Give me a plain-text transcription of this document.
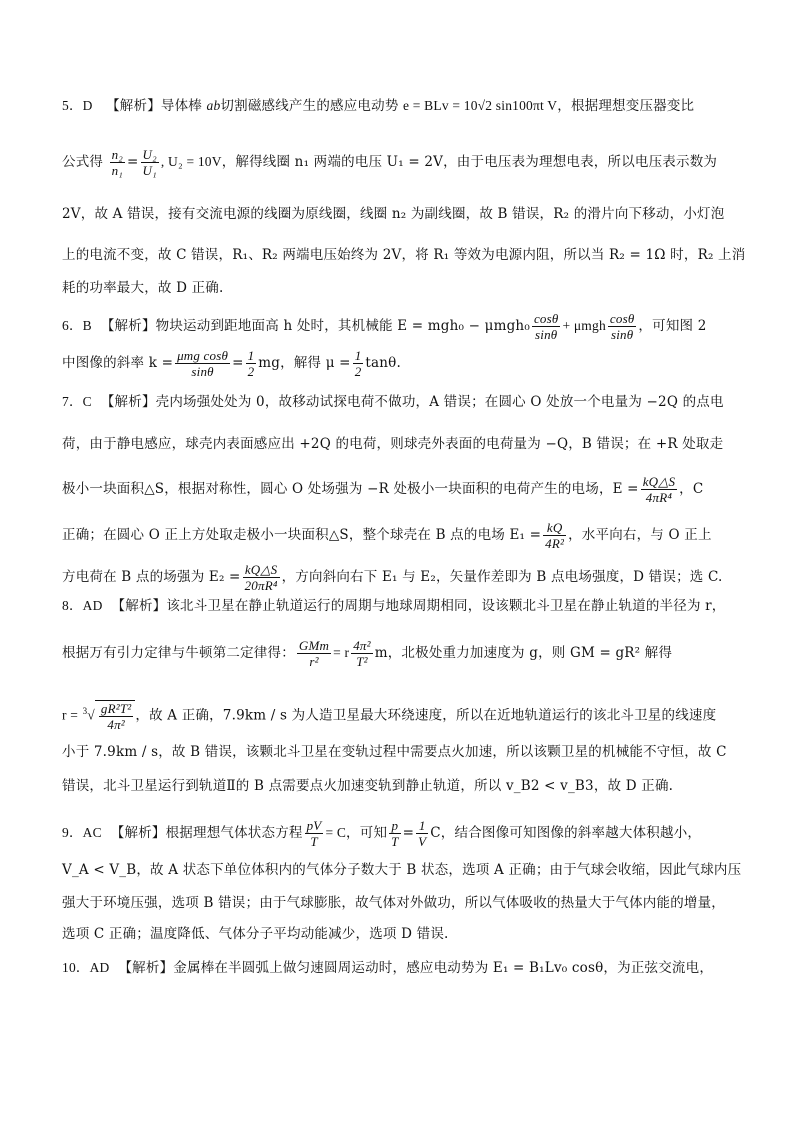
5．D 【解析】导体棒 ab切割磁感线产生的感应电动势 e = BLv = 10√2 sin100πt V，根据理想变压器变比
公式得 $\frac{\text{n₂}}{\text{n₁}} = \frac{\text{U₂}}{\text{U₁}}$ , U₂ = 10V，解得线圈 n₁ 两端的电压 U₁ = 2V，由于电压表为理想电表，所以电压表示数为
2V，故 A 错误，接有交流电源的线圈为原线圈，线圈 n₂ 为副线圈，故 B 错误，R₂ 的滑片向下移动，小灯泡
上的电流不变，故 C 错误，R₁、R₂ 两端电压始终为 2V，将 R₁ 等效为电源内阻，所以当 R₂ = 1Ω 时，R₂ 上消
耗的功率最大，故 D 正确.
6．B 【解析】物块运动到距地面高 h 处时，其机械能 $E = mgh_0 - \mu mgh_0 \frac{\cos\theta}{\sin\theta} + \mu mgh \frac{\cos\theta}{\sin\theta}$ ，可知图 2
中图像的斜率 $k = \frac{\text{μmg cosθ}}{\sin\theta} = \frac{1}{2}$ mg，解得 $\mu = \frac{1}{2} \tan\theta$.
7．C 【解析】壳内场强处处为 0，故移动试探电荷不做功，A 错误；在圆心 O 处放一个电量为 −2Q 的点电
荷，由于静电感应，球壳内表面感应出 +2Q 的电荷，则球壳外表面的电荷量为 −Q，B 错误；在 +R 处取走
极小一块面积△S，根据对称性，圆心 O 处场强为 −R 处极小一块面积的电荷产生的电场，$E = \frac{kQ\triangle S}{\text{4πR⁴}}$ ，C
正确；在圆心 O 正上方处取走极小一块面积△S，整个球壳在 B 点的电场 $E_1 = \frac{kQ}{\text{4R²}}$ ，水平向右，与 O 正上
方电荷在 B 点的场强为 $E_2 = \frac{kQ\triangle S}{\text{20πR⁴}}$ ，方向斜向右下 E₁ 与 E₂，矢量作差即为 B 点电场强度，D 错误；选 C.
8．AD 【解析】该北斗卫星在静止轨道运行的周期与地球周期相同，设该颗北斗卫星在静止轨道的半径为 r，
根据万有引力定律与牛顿第二定律得： $\frac{\text{GMm}}{\text{r²}} = r \frac{\text{4π²}}{\text{T²}}$ m，北极处重力加速度为 g，则 GM = gR² 解得
$r = ^3√ \frac{\text{gR²T²}}{\text{4π²}}$ ，故 A 正确，7.9km / s 为人造卫星最大环绕速度，所以在近地轨道运行的该北斗卫星的线速度
小于 7.9km / s，故 B 错误，该颗北斗卫星在变轨过程中需要点火加速，所以该颗卫星的机械能不守恒，故 C
错误，北斗卫星运行到轨道Ⅱ的 B 点需要点火加速变轨到静止轨道，所以 v_B2 < v_B3，故 D 正确.
9．AC 【解析】根据理想气体状态方程 $\frac{pV}{T} = C$，可知 $\frac{p}{T} = \frac{1}{V}$ C，结合图像可知图像的斜率越大体积越小，
V_A < V_B，故 A 状态下单位体积内的气体分子数大于 B 状态，选项 A 正确；由于气球会收缩，因此气球内压
强大于环境压强，选项 B 错误；由于气球膨胀，故气体对外做功，所以气体吸收的热量大于气体内能的增量，
选项 C 正确；温度降低、气体分子平均动能减少，选项 D 错误.
10．AD 【解析】金属棒在半圆弧上做匀速圆周运动时，感应电动势为 E₁ = B₁Lv₀ cosθ，为正弦交流电，
